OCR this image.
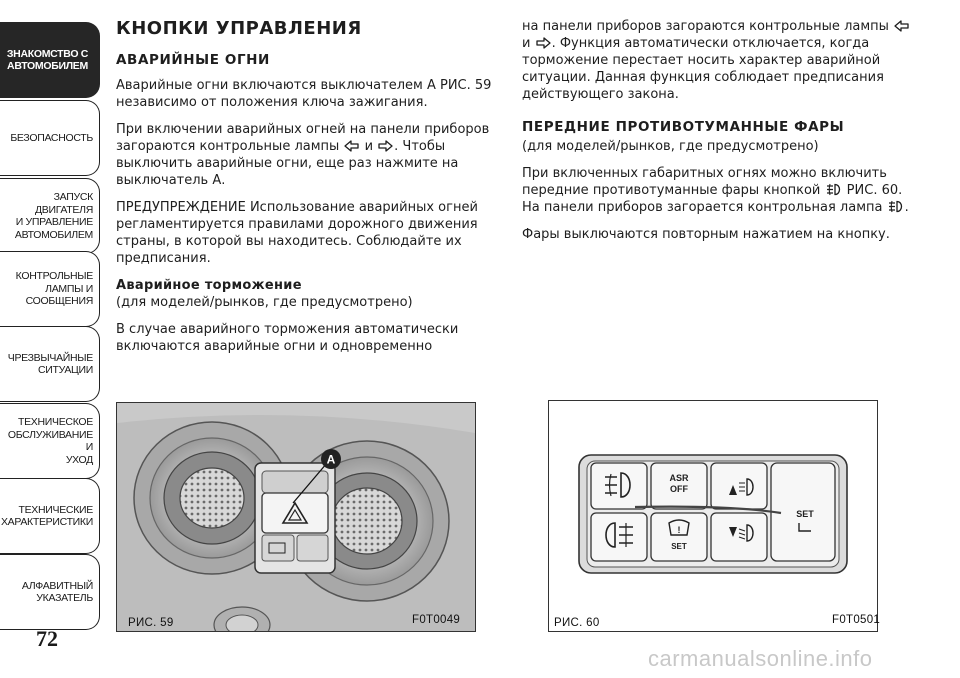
ЗНАКОМСТВО С
АВТОМОБИЛЕМ
БЕЗОПАСНОСТЬ
ЗАПУСК ДВИГАТЕЛЯ
И УПРАВЛЕНИЕ
АВТОМОБИЛЕМ
КОНТРОЛЬНЫЕ
ЛАМПЫ И
СООБЩЕНИЯ
ЧРЕЗВЫЧАЙНЫЕ
СИТУАЦИИ
ТЕХНИЧЕСКОЕ
ОБСЛУЖИВАНИЕ И
УХОД
ТЕХНИЧЕСКИЕ
ХАРАКТЕРИСТИКИ
АЛФАВИТНЫЙ
УКАЗАТЕЛЬ
72
КНОПКИ УПРАВЛЕНИЯ
АВАРИЙНЫЕ ОГНИ
Аварийные огни включаются выключателем А РИС. 59 независимо от положения ключа зажигания.
При включении аварийных огней на панели приборов загораются контрольные лампы и . Чтобы выключить аварийные огни, еще раз нажмите на выключатель А.
ПРЕДУПРЕЖДЕНИЕ Использование аварийных огней регламентируется правилами дорожного движения страны, в которой вы находитесь. Соблюдайте их предписания.
Аварийное торможение
(для моделей/рынков, где предусмотрено)
В случае аварийного торможения автоматически включаются аварийные огни и одновременно
на панели приборов загораются контрольные лампы  и . Функция автоматически отключается, когда торможение перестает носить характер аварийной ситуации. Данная функция соблюдает предписания действующего закона.
ПЕРЕДНИЕ ПРОТИВОТУМАННЫЕ ФАРЫ
(для моделей/рынков, где предусмотрено)
При включенных габаритных огнях можно включить передние противотуманные фары кнопкой РИС. 60. На панели приборов загорается контрольная лампа .
Фары выключаются повторным нажатием на кнопку.
A
РИС. 59	F0T0049
ASR
OFF
!
SET
SET
РИС. 60	F0T0501
carmanualsonline.info
